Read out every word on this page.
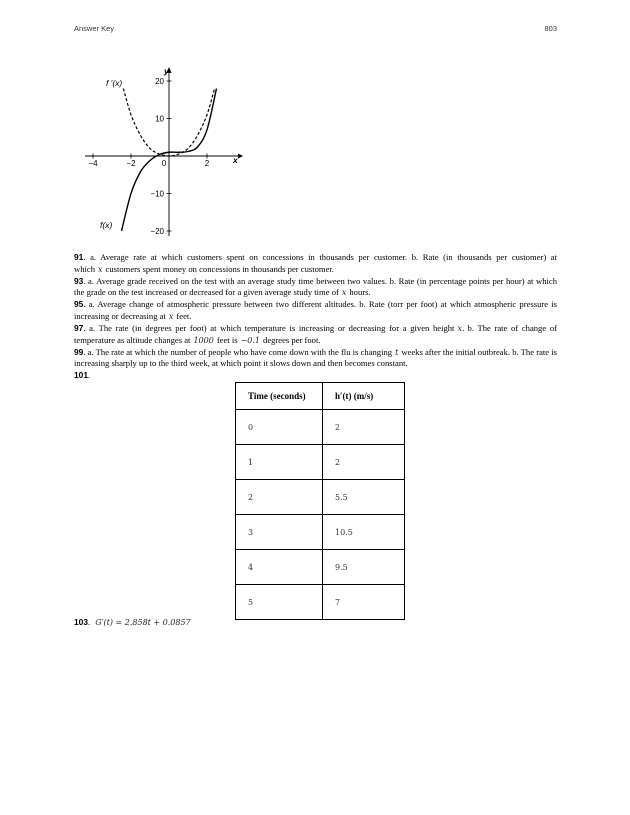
Answer Key	803
−4	−2	0	2
20
10
−10
−20
y
x
f ′(x)
f(x)
91. a. Average rate at which customers spent on concessions in thousands per customer. b. Rate (in thousands per customer) at which x customers spent money on concessions in thousands per customer.
93. a. Average grade received on the test with an average study time between two values. b. Rate (in percentage points per hour) at which the grade on the test increased or decreased for a given average study time of x hours.
95. a. Average change of atmospheric pressure between two different altitudes. b. Rate (torr per foot) at which atmospheric pressure is increasing or decreasing at x feet.
97. a. The rate (in degrees per foot) at which temperature is increasing or decreasing for a given height x. b. The rate of change of temperature as altitude changes at 1000 feet is −0.1 degrees per foot.
99. a. The rate at which the number of people who have come down with the flu is changing t weeks after the initial outbreak. b. The rate is increasing sharply up to the third week, at which point it slows down and then becomes constant.
101.
Time (seconds)	h′(t) (m/s)
0	2
1	2
2	5.5
3	10.5
4	9.5
5	7
103. G′(t) = 2.858t + 0.0857
